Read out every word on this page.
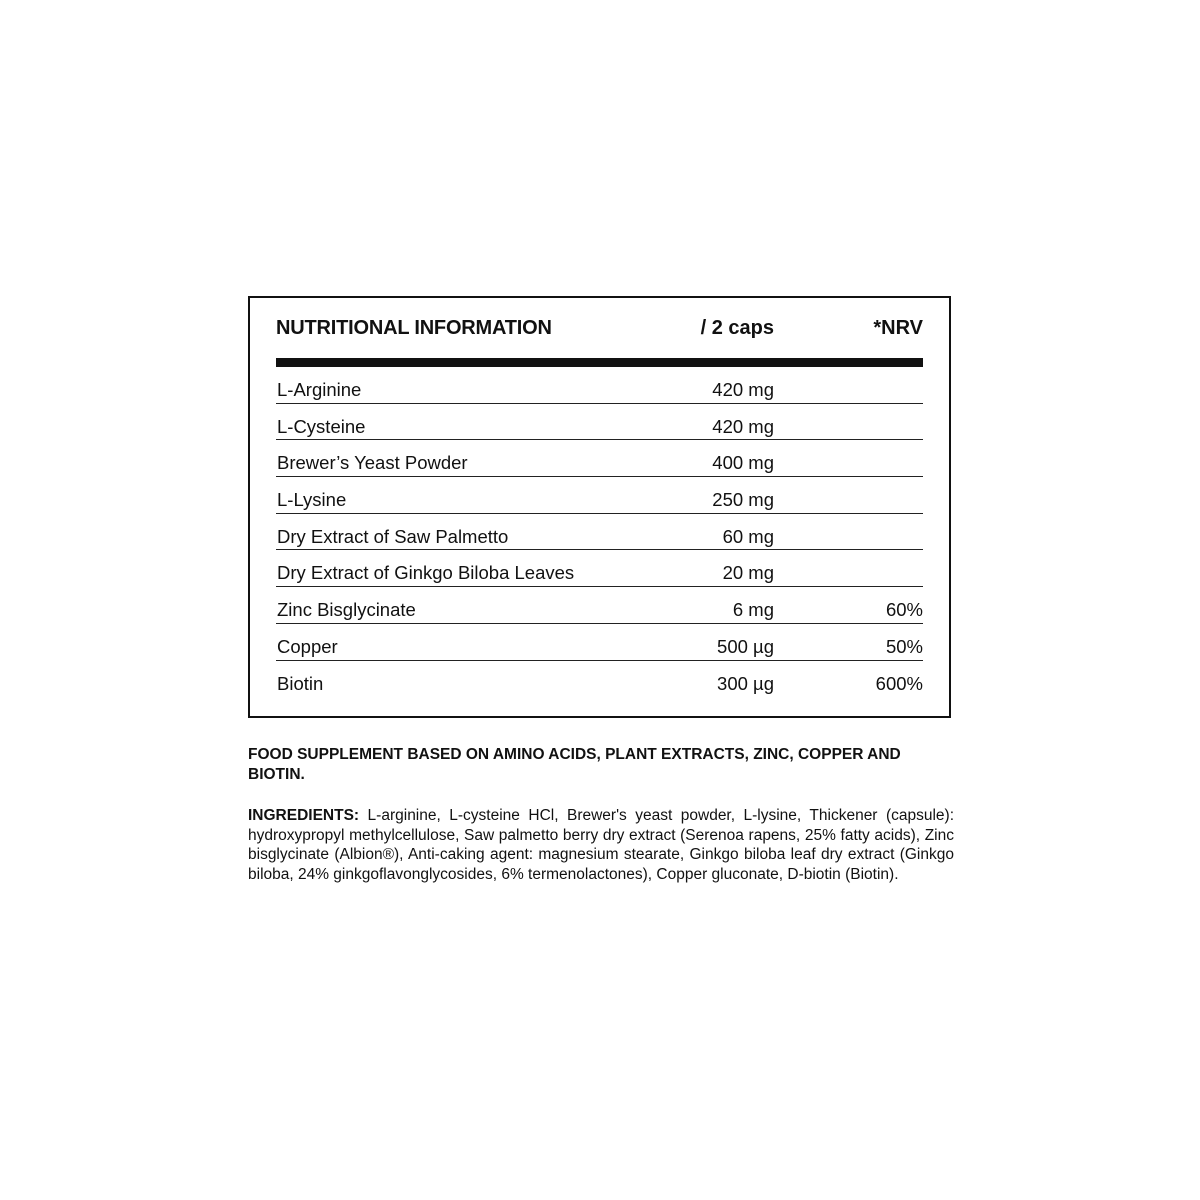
NUTRITIONAL INFORMATION	/ 2 caps	*NRV
L-Arginine	420 mg
L-Cysteine	420 mg
Brewer’s Yeast Powder	400 mg
L-Lysine	250 mg
Dry Extract of Saw Palmetto	60 mg
Dry Extract of Ginkgo Biloba Leaves	20 mg
Zinc Bisglycinate	6 mg	60%
Copper	500 µg	50%
Biotin	300 µg	600%
FOOD SUPPLEMENT BASED ON AMINO ACIDS, PLANT EXTRACTS, ZINC, COPPER AND BIOTIN.
INGREDIENTS: L-arginine, L-cysteine HCl, Brewer's yeast powder, L-lysine, Thickener (capsule): hydroxypropyl methylcellulose, Saw palmetto berry dry extract (Serenoa rapens, 25% fatty acids), Zinc bisglycinate (Albion®), Anti-caking agent: magnesium stearate, Ginkgo biloba leaf dry extract (Ginkgo biloba, 24% ginkgoflavonglycosides, 6% termenolactones), Copper gluconate, D-biotin (Biotin).
